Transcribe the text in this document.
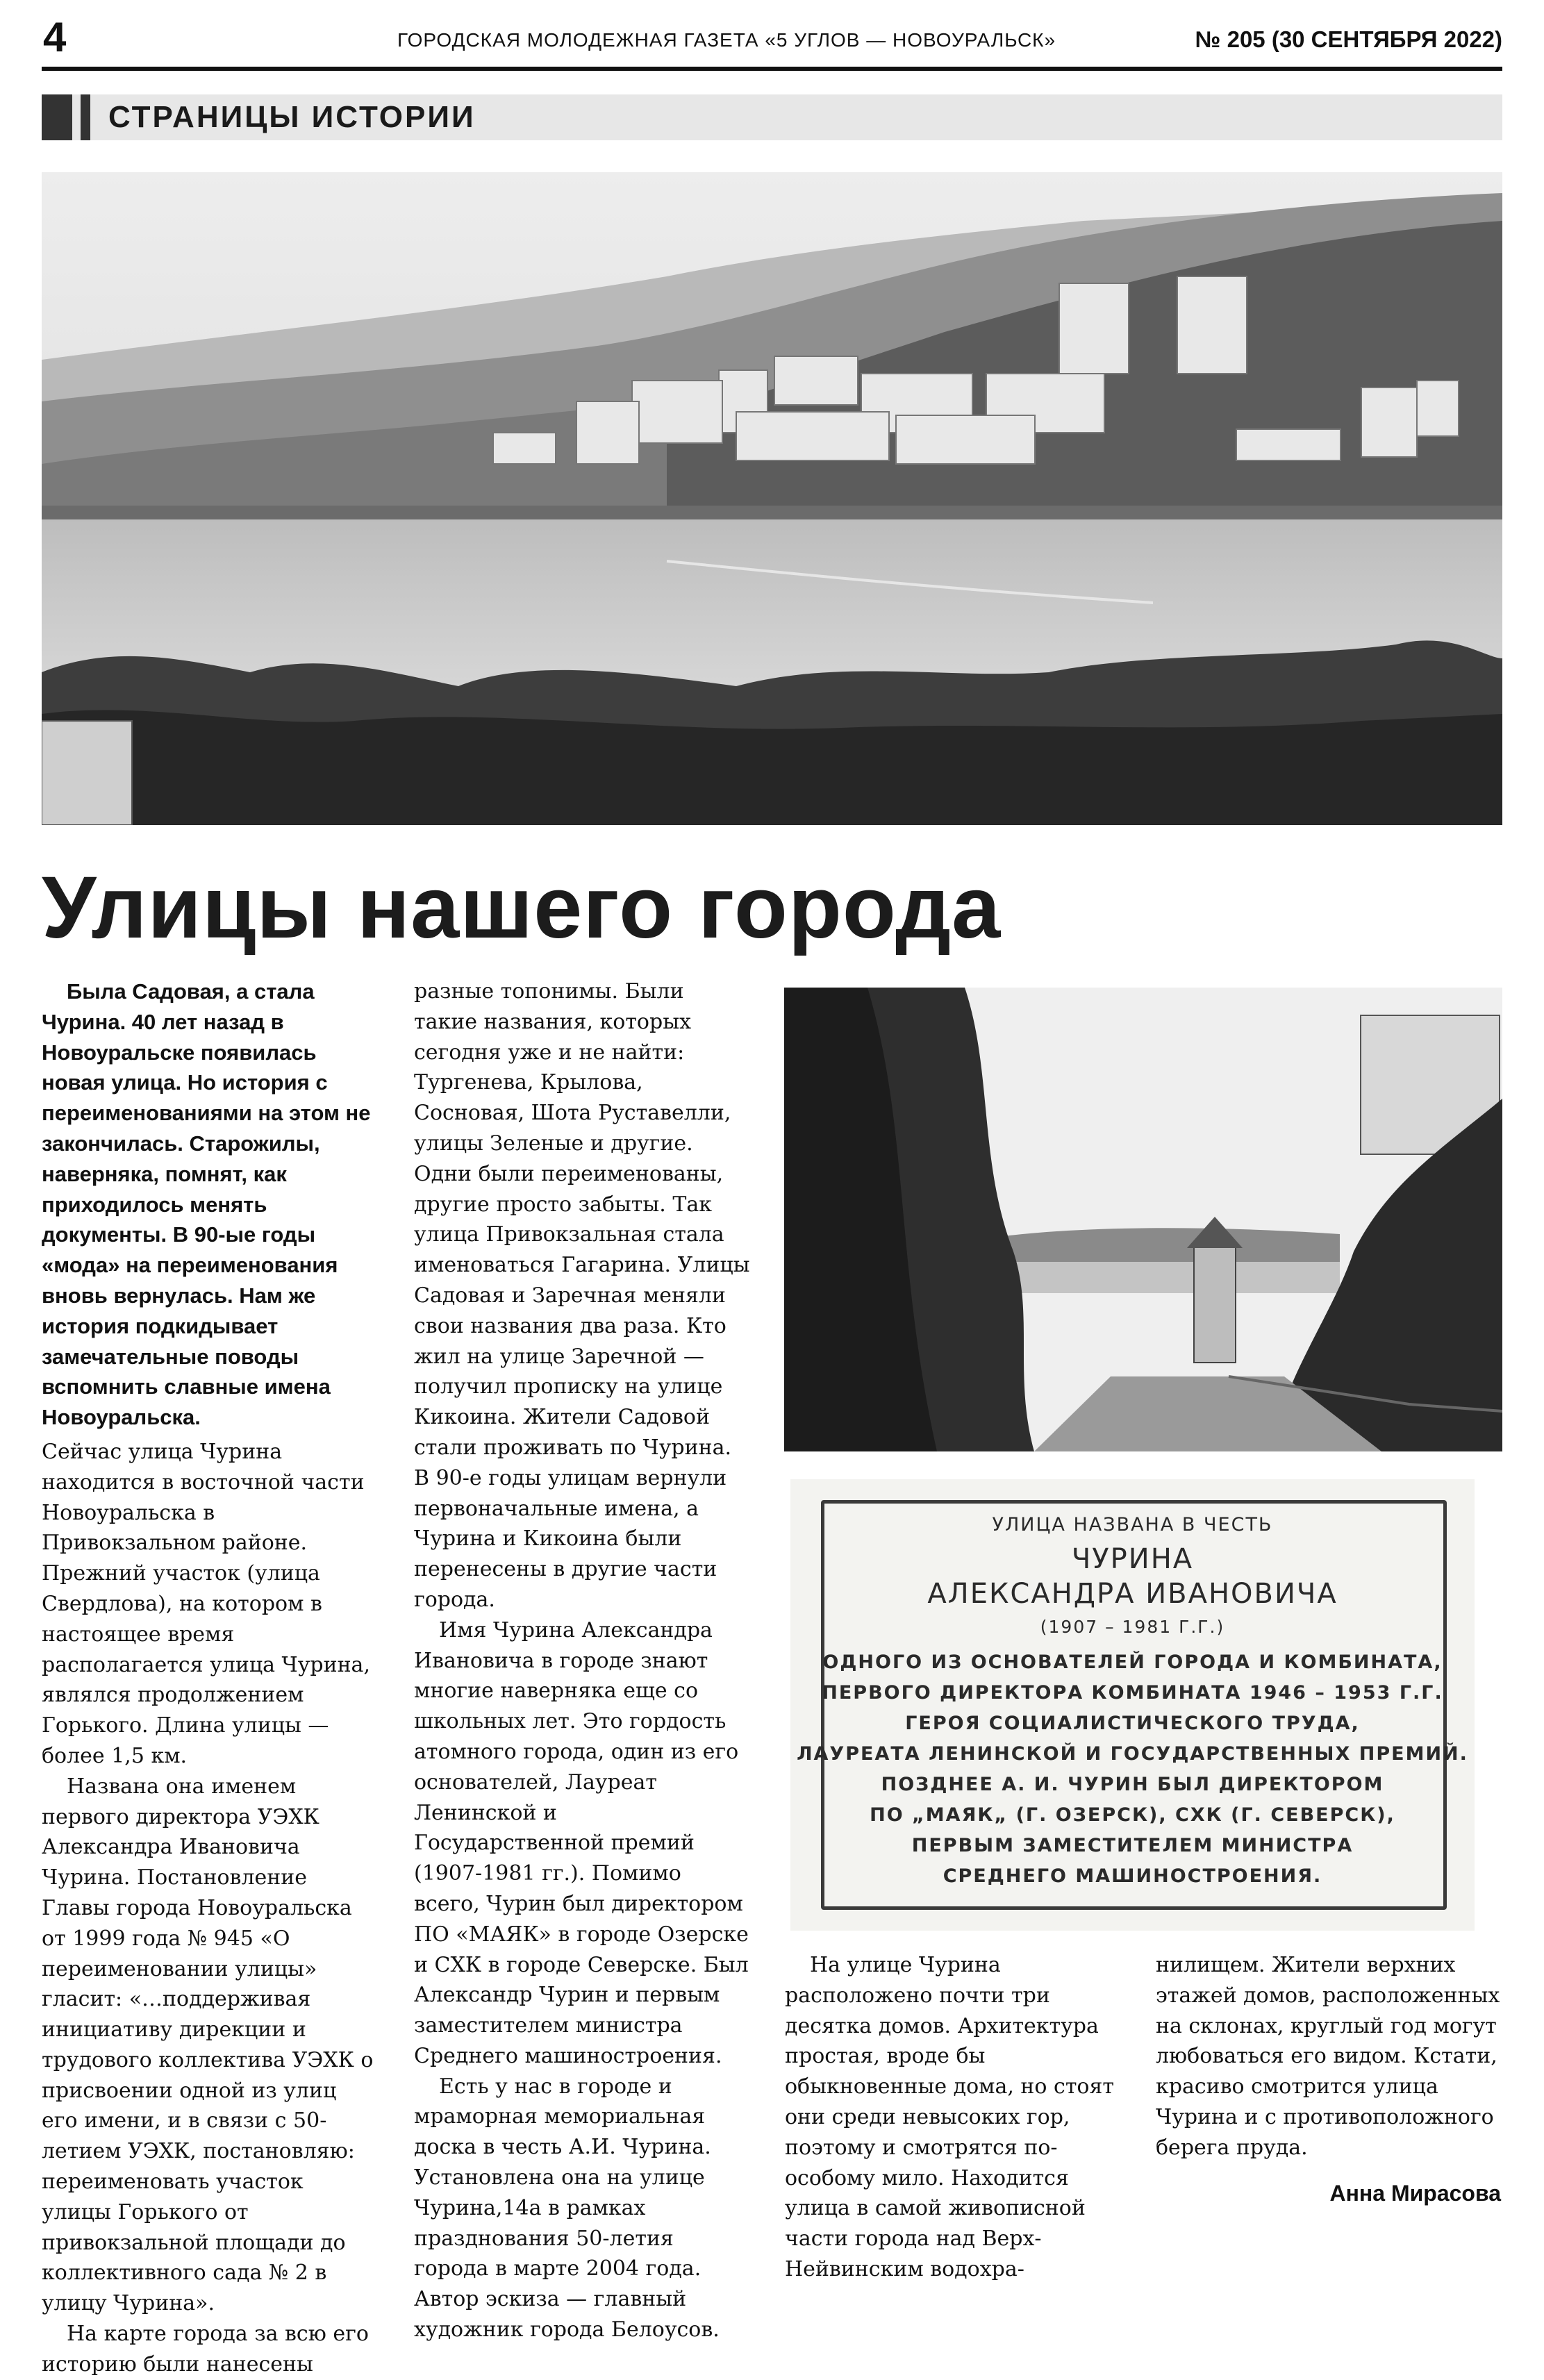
4	ГОРОДСКАЯ МОЛОДЕЖНАЯ ГАЗЕТА «5 УГЛОВ — НОВОУРАЛЬСК»	№ 205 (30 СЕНТЯБРЯ 2022)
СТРАНИЦЫ ИСТОРИИ
Улицы нашего города

Была Садовая, а стала Чурина. 40 лет назад в Новоуральске появилась новая улица. Но история с переименованиями на этом не закончилась. Старожилы, наверняка, помнят, как приходилось менять документы. В 90-ые годы «мода» на переименования вновь вернулась. Нам же история подкидывает замечательные поводы вспомнить славные имена Новоуральска.

Сейчас улица Чурина находится в восточной части Новоуральска в Привокзальном районе. Прежний участок (улица Свердлова), на котором в настоящее время располагается улица Чурина, являлся продолжением Горького. Длина улицы — более 1,5 км.

Названа она именем первого директора УЭХК Александра Ивановича Чурина. Постановление Главы города Новоуральска от 1999 года № 945 «О переименовании улицы» гласит: «…поддерживая инициативу дирекции и трудового коллектива УЭХК о присвоении одной из улиц его имени, и в связи с 50-летием УЭХК, постановляю: переименовать участок улицы Горького от привокзальной площади до коллективного сада № 2 в улицу Чурина».

На карте города за всю его историю были нанесены

разные топонимы. Были такие названия, которых сегодня уже и не найти: Тургенева, Крылова, Сосновая, Шота Руставелли, улицы Зеленые и другие. Одни были переименованы, другие просто забыты. Так улица Привокзальная стала именоваться Гагарина. Улицы Садовая и Заречная меняли свои названия два раза. Кто жил на улице Заречной — получил прописку на улице Кикоина. Жители Садовой стали проживать по Чурина. В 90-е годы улицам вернули первоначальные имена, а Чурина и Кикоина были перенесены в другие части города.

Имя Чурина Александра Ивановича в городе знают многие наверняка еще со школьных лет. Это гордость атомного города, один из его основателей, Лауреат Ленинской и Государственной премий (1907-1981 гг.). Помимо всего, Чурин был директором ПО «МАЯК» в городе Озерске и СХК в городе Северске. Был Александр Чурин и первым заместителем министра Среднего машиностроения.

Есть у нас в городе и мраморная мемориальная доска в честь А.И. Чурина. Установлена она на улице Чурина,14а в рамках празднования 50-летия города в марте 2004 года. Автор эскиза — главный художник города Белоусов.

УЛИЦА НАЗВАНА В ЧЕСТЬ
ЧУРИНА
АЛЕКСАНДРА ИВАНОВИЧА
(1907 – 1981 Г.Г.)
ОДНОГО ИЗ ОСНОВАТЕЛЕЙ ГОРОДА И КОМБИНАТА,
ПЕРВОГО ДИРЕКТОРА КОМБИНАТА 1946 – 1953 Г.Г.
ГЕРОЯ СОЦИАЛИСТИЧЕСКОГО ТРУДА,
ЛАУРЕАТА ЛЕНИНСКОЙ И ГОСУДАРСТВЕННЫХ ПРЕМИЙ.
ПОЗДНЕЕ А. И. ЧУРИН БЫЛ ДИРЕКТОРОМ
ПО „МАЯК„ (Г. ОЗЕРСК), СХК (Г. СЕВЕРСК),
ПЕРВЫМ ЗАМЕСТИТЕЛЕМ МИНИСТРА
СРЕДНЕГО МАШИНОСТРОЕНИЯ.

На улице Чурина расположено почти три десятка домов. Архитектура простая, вроде бы обыкновенные дома, но стоят они среди невысоких гор, поэтому и смотрятся по-особому мило. Находится улица в самой живописной части города над Верх-Нейвинским водохра-

нилищем. Жители верхних этажей домов, расположенных на склонах, круглый год могут любоваться его видом. Кстати, красиво смотрится улица Чурина и с противоположного берега пруда.

Анна Мирасова
